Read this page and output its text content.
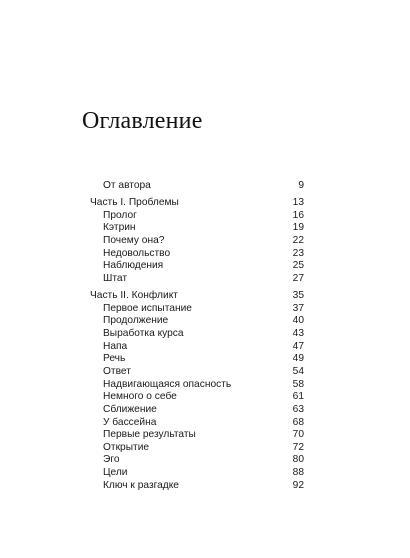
Оглавление
От автора	9
Часть I. Проблемы	13
Пролог	16
Кэтрин	19
Почему она?	22
Недовольство	23
Наблюдения	25
Штат	27
Часть II. Конфликт	35
Первое испытание	37
Продолжение	40
Выработка курса	43
Напа	47
Речь	49
Ответ	54
Надвигающаяся опасность	58
Немного о себе	61
Сближение	63
У бассейна	68
Первые результаты	70
Открытие	72
Эго	80
Цели	88
Ключ к разгадке	92
